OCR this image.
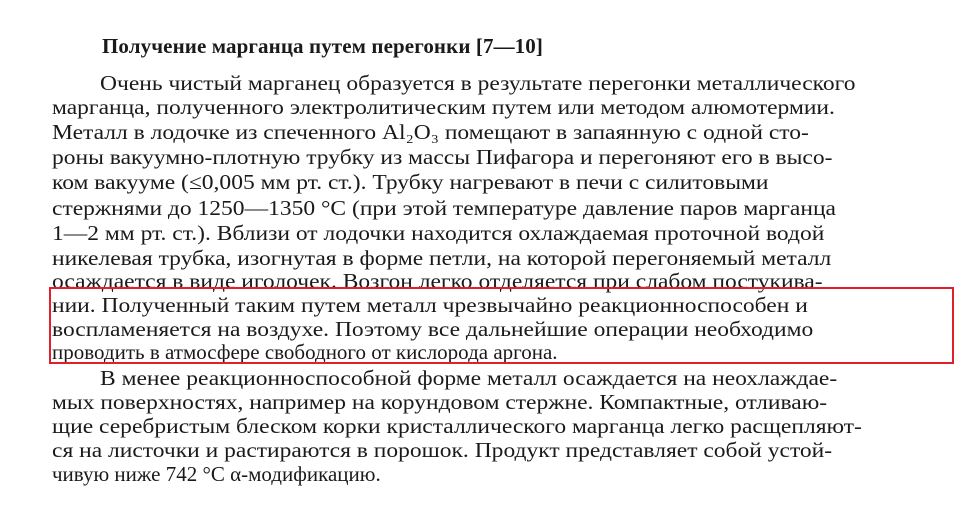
Получение марганца путем перегонки [7—10]
Очень чистый марганец образуется в результате перегонки металлического
марганца, полученного электролитическим путем или методом алюмотермии.
Металл в лодочке из спеченного Al₂O₃ помещают в запаянную с одной сто-
роны вакуумно-плотную трубку из массы Пифагора и перегоняют его в высо-
ком вакууме (≤0,005 мм рт. ст.). Трубку нагревают в печи с силитовыми
стержнями до 1250—1350 °С (при этой температуре давление паров марганца
1—2 мм рт. ст.). Вблизи от лодочки находится охлаждаемая проточной водой
никелевая трубка, изогнутая в форме петли, на которой перегоняемый металл
осаждается в виде иголочек. Возгон легко отделяется при слабом постукива-
нии. Полученный таким путем металл чрезвычайно реакционноспособен и
воспламеняется на воздухе. Поэтому все дальнейшие операции необходимо
проводить в атмосфере свободного от кислорода аргона.
В менее реакционноспособной форме металл осаждается на неохлаждае-
мых поверхностях, например на корундовом стержне. Компактные, отливаю-
щие серебристым блеском корки кристаллического марганца легко расщепляют-
ся на листочки и растираются в порошок. Продукт представляет собой устой-
чивую ниже 742 °С α-модификацию.
